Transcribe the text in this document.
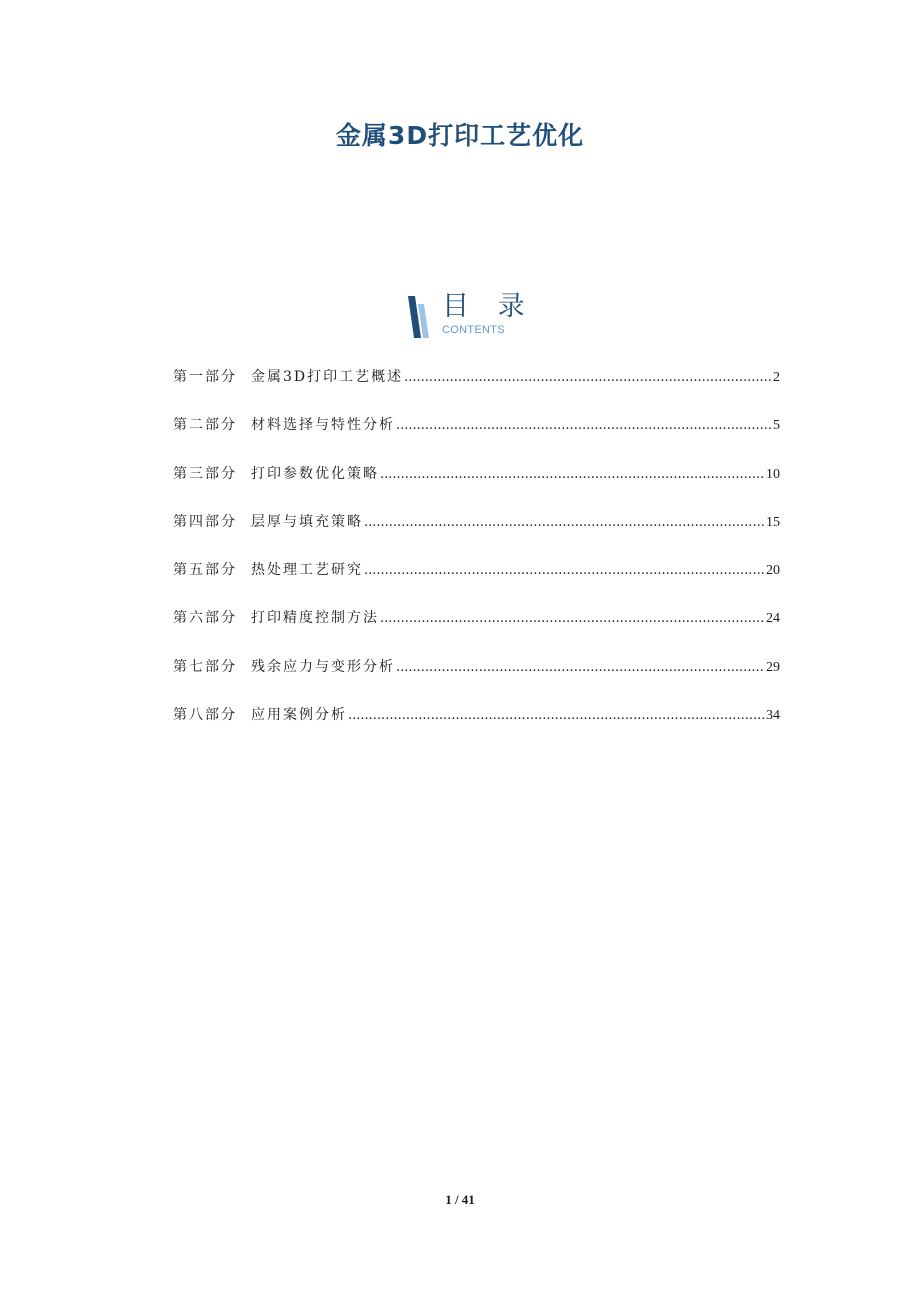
金属3D打印工艺优化
目 录
CONTENTS
第一部分 金属3D打印工艺概述 .....	2
第二部分 材料选择与特性分析 .....	5
第三部分 打印参数优化策略 .....	10
第四部分 层厚与填充策略 .....	15
第五部分 热处理工艺研究 .....	20
第六部分 打印精度控制方法 .....	24
第七部分 残余应力与变形分析 .....	29
第八部分 应用案例分析 .....	34
1 / 41
